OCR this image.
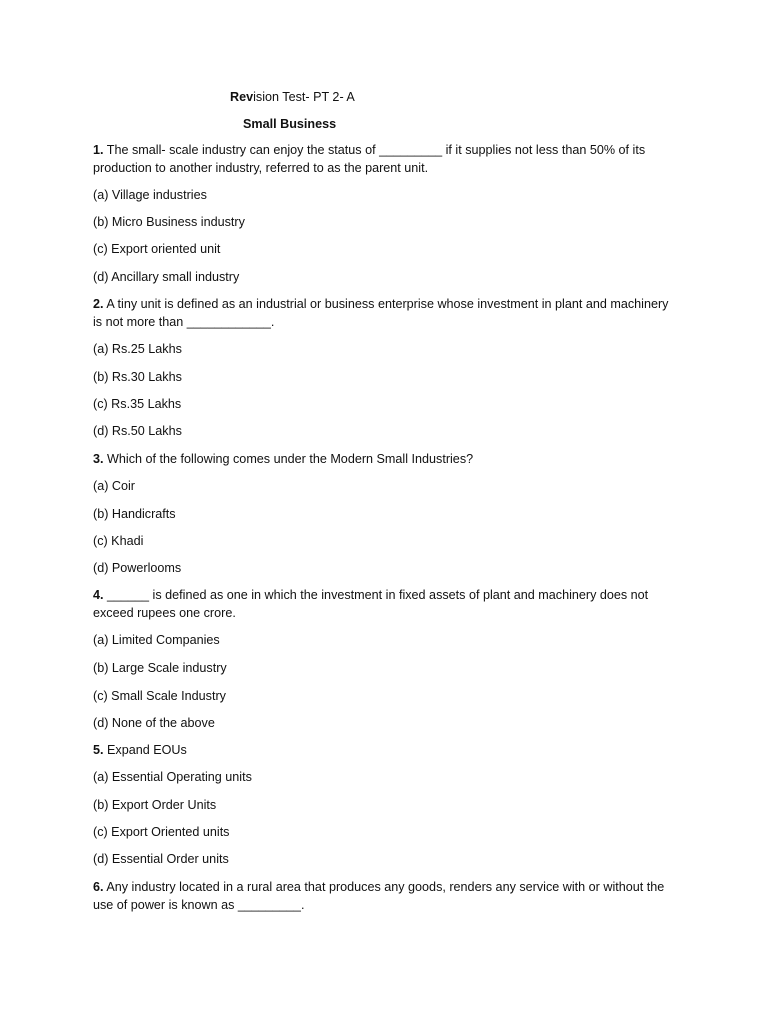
Revision Test- PT 2- A
Small Business
1. The small- scale industry can enjoy the status of _________ if it supplies not less than 50% of its production to another industry, referred to as the parent unit.
(a) Village industries
(b) Micro Business industry
(c) Export oriented unit
(d) Ancillary small industry
2. A tiny unit is defined as an industrial or business enterprise whose investment in plant and machinery is not more than ____________.
(a) Rs.25 Lakhs
(b) Rs.30 Lakhs
(c) Rs.35 Lakhs
(d) Rs.50 Lakhs
3. Which of the following comes under the Modern Small Industries?
(a) Coir
(b) Handicrafts
(c) Khadi
(d) Powerlooms
4. ______ is defined as one in which the investment in fixed assets of plant and machinery does not exceed rupees one crore.
(a) Limited Companies
(b) Large Scale industry
(c) Small Scale Industry
(d) None of the above
5. Expand EOUs
(a) Essential Operating units
(b) Export Order Units
(c) Export Oriented units
(d) Essential Order units
6. Any industry located in a rural area that produces any goods, renders any service with or without the use of power is known as _________.
